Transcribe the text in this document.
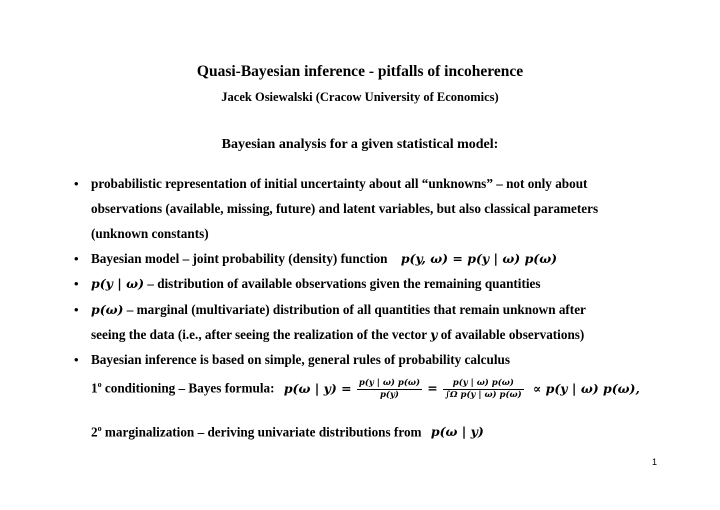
Quasi-Bayesian inference - pitfalls of incoherence
Jacek Osiewalski (Cracow University of Economics)
Bayesian analysis for a given statistical model:
• probabilistic representation of initial uncertainty about all “unknowns” – not only about
observations (available, missing, future) and latent variables, but also classical parameters
(unknown constants)
• Bayesian model – joint probability (density) function p(y, ω) = p(y | ω) p(ω)
• p(y | ω) – distribution of available observations given the remaining quantities
• p(ω) – marginal (multivariate) distribution of all quantities that remain unknown after
seeing the data (i.e., after seeing the realization of the vector y of available observations)
• Bayesian inference is based on simple, general rules of probability calculus
1$^o$ conditioning – Bayes formula: p(ω | $y) = \frac{p(y | \omega) p(\omega)}{p(y)} = \frac{p(y | \omega) p(\omega)}{\text{∫Ω p(y | ω) p(ω)}} \propto p(y$ | ω) p(ω),
2$^o$ marginalization – deriving univariate distributions from p(ω | y)
1
